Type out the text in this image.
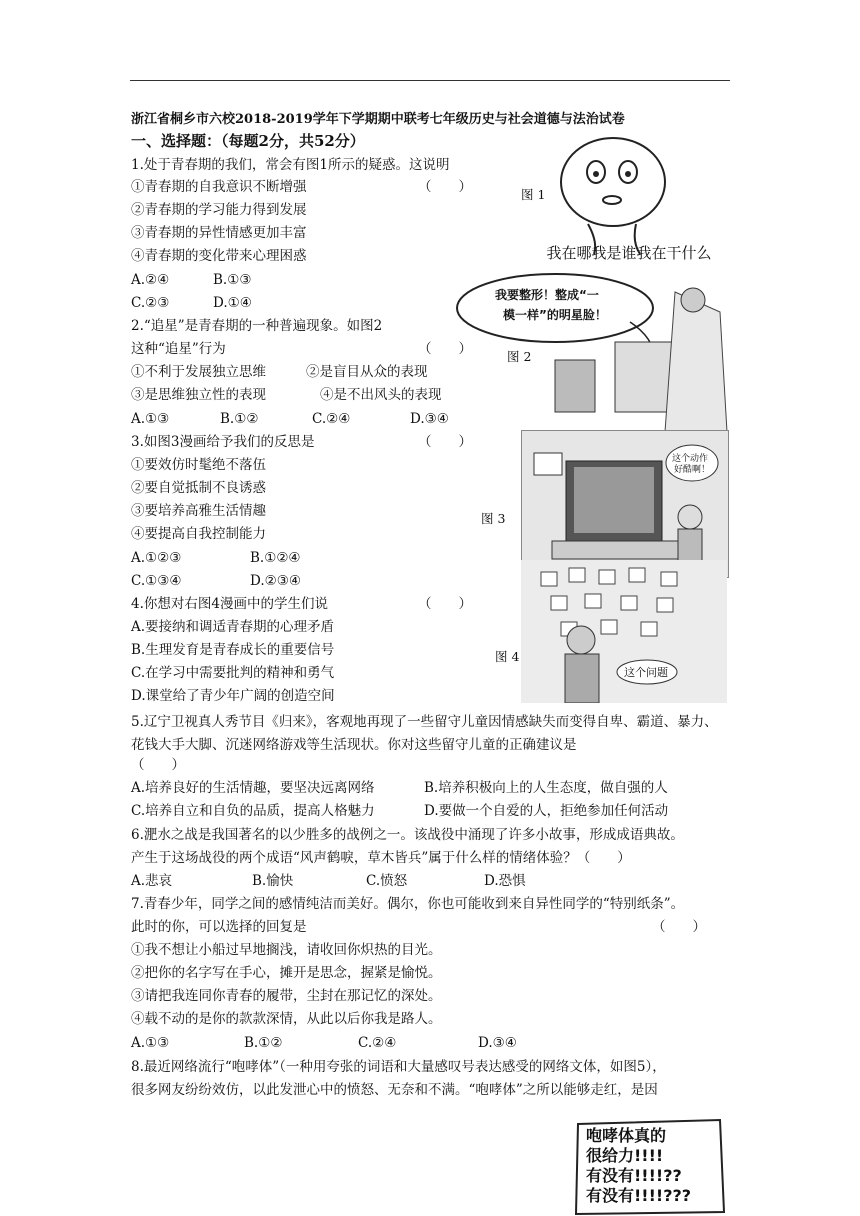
浙江省桐乡市六校2018-2019学年下学期期中联考七年级历史与社会道德与法治试卷
一、选择题：（每题2分，共52分）
1.处于青春期的我们，常会有图1所示的疑惑。这说明
①青春期的自我意识不断增强	（　　）
②青春期的学习能力得到发展
③青春期的异性情感更加丰富
④青春期的变化带来心理困惑
A.②④	B.①③
C.②③	D.①④
2.“追星”是青春期的一种普遍现象。如图2
这种“追星”行为	（　　）
①不利于发展独立思维	②是盲目从众的表现
③是思维独立性的表现	④是不出风头的表现
A.①③	B.①②	C.②④	D.③④
3.如图3漫画给予我们的反思是	（　　）
①要效仿时髦绝不落伍
②要自觉抵制不良诱惑
③要培养高雅生活情趣
④要提高自我控制能力
A.①②③	B.①②④
C.①③④	D.②③④
4.你想对右图4漫画中的学生们说	（　　）
A.要接纳和调适青春期的心理矛盾
B.生理发育是青春成长的重要信号
C.在学习中需要批判的精神和勇气
D.课堂给了青少年广阔的创造空间
5.辽宁卫视真人秀节目《归来》，客观地再现了一些留守儿童因情感缺失而变得自卑、霸道、暴力、花钱大手大脚、沉迷网络游戏等生活现状。你对这些留守儿童的正确建议是
（　　）
A.培养良好的生活情趣，要坚决远离网络	B.培养积极向上的人生态度，做自强的人
C.培养自立和自负的品质，提高人格魅力	D.要做一个自爱的人，拒绝参加任何活动
6.淝水之战是我国著名的以少胜多的战例之一。该战役中涌现了许多小故事，形成成语典故。
产生于这场战役的两个成语“风声鹤唳，草木皆兵”属于什么样的情绪体验？（　　）
A.悲哀	B.愉快	C.愤怒	D.恐惧
7.青春少年，同学之间的感情纯洁而美好。偶尔，你也可能收到来自异性同学的“特别纸条”。
此时的你，可以选择的回复是	（　　）
①我不想让小船过早地搁浅，请收回你炽热的目光。
②把你的名字写在手心，摊开是思念，握紧是愉悦。
③请把我连同你青春的履带，尘封在那记忆的深处。
④载不动的是你的款款深情，从此以后你我是路人。
A.①③	B.①②	C.②④	D.③④
8.最近网络流行“咆哮体”（一种用夸张的词语和大量感叹号表达感受的网络文体，如图5），
很多网友纷纷效仿，以此发泄心中的愤怒、无奈和不满。“咆哮体”之所以能够走红，是因
图 1
图 2
图 3
图 4
我在哪我是谁我在干什么
我要整形！整成“一
模一样”的明星脸！
这个动作
好酷啊！
这个问题
咆哮体真的
很给力!!!!
有没有!!!!??
有没有!!!!???
